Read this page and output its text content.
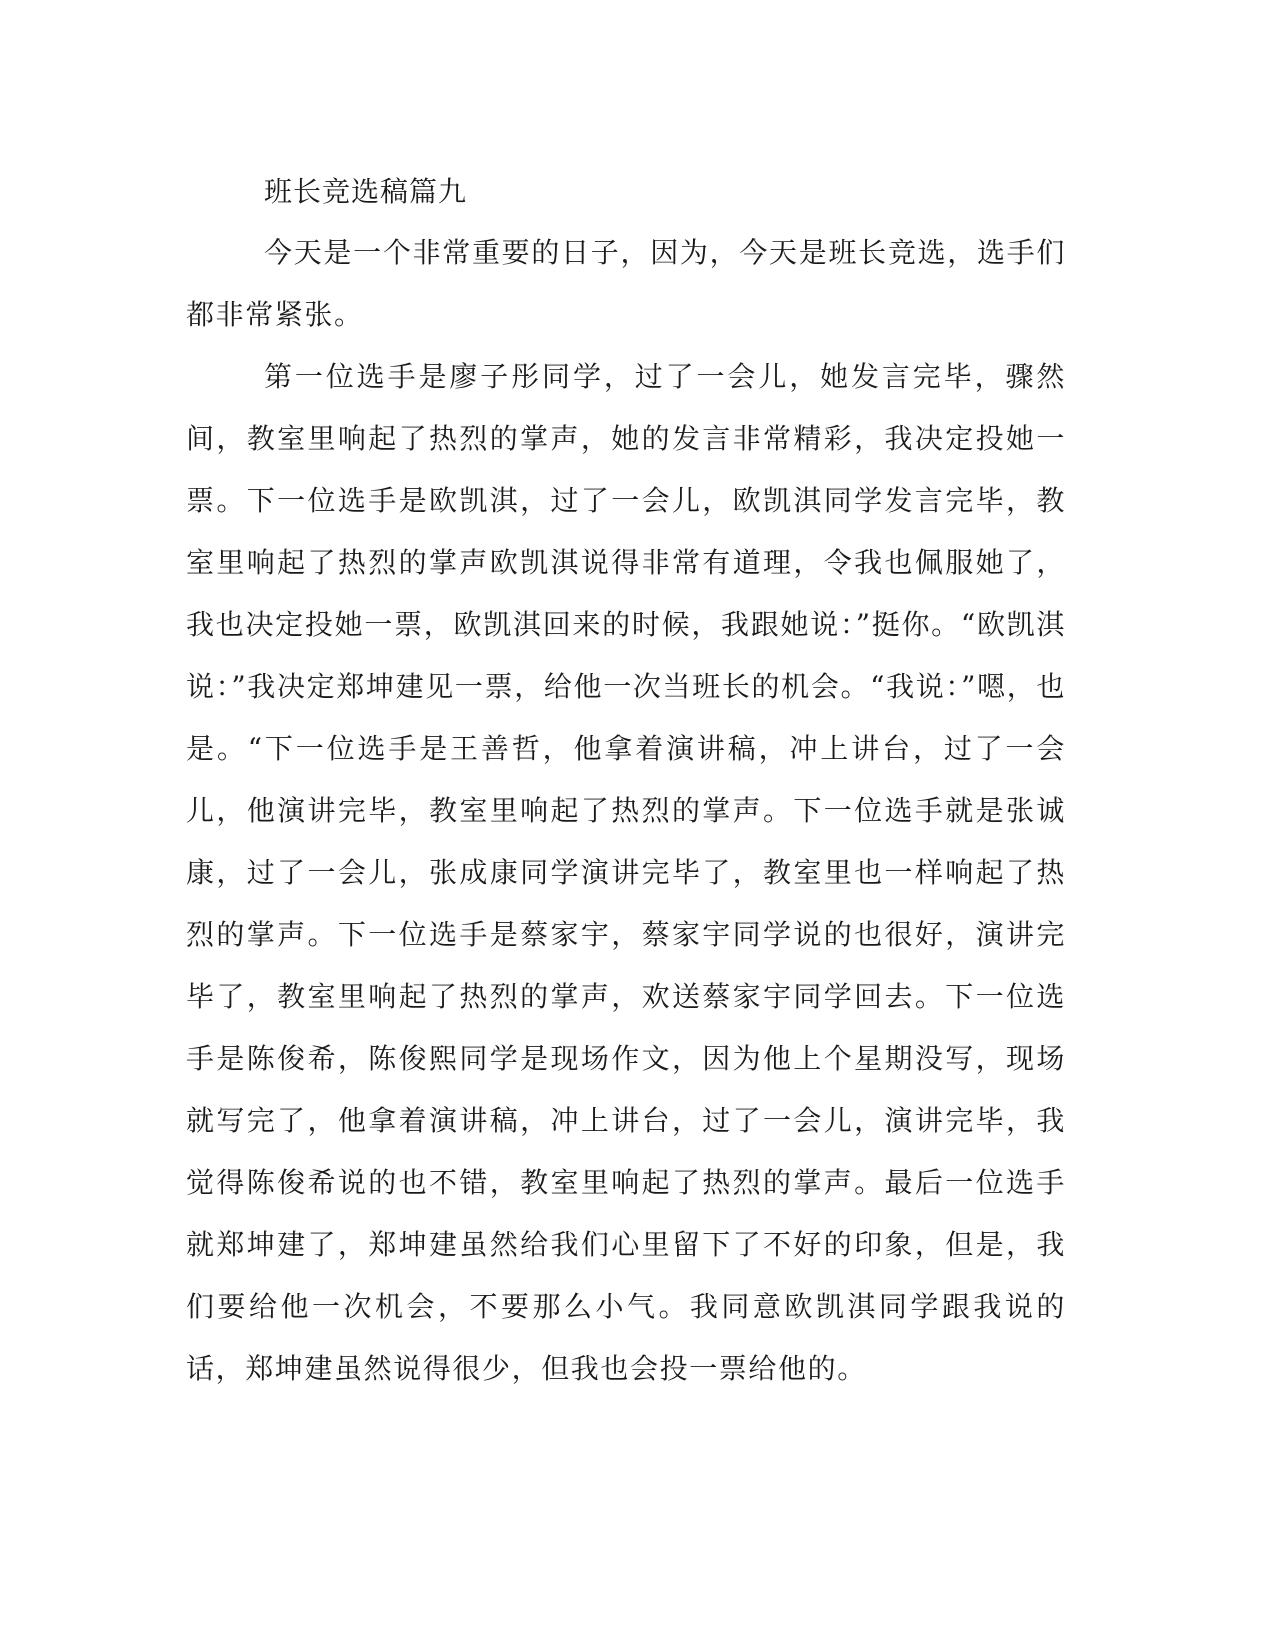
班长竞选稿篇九

今天是一个非常重要的日子，因为，今天是班长竞选，选手们都非常紧张。

第一位选手是廖子彤同学，过了一会儿，她发言完毕，骤然间，教室里响起了热烈的掌声，她的发言非常精彩，我决定投她一票。下一位选手是欧凯淇，过了一会儿，欧凯淇同学发言完毕，教室里响起了热烈的掌声欧凯淇说得非常有道理，令我也佩服她了，我也决定投她一票，欧凯淇回来的时候，我跟她说：”挺你。“欧凯淇说：”我决定郑坤建见一票，给他一次当班长的机会。“我说：”嗯，也是。“下一位选手是王善哲，他拿着演讲稿，冲上讲台，过了一会儿，他演讲完毕，教室里响起了热烈的掌声。下一位选手就是张诚康，过了一会儿，张成康同学演讲完毕了，教室里也一样响起了热烈的掌声。下一位选手是蔡家宇，蔡家宇同学说的也很好，演讲完毕了，教室里响起了热烈的掌声，欢送蔡家宇同学回去。下一位选手是陈俊希，陈俊熙同学是现场作文，因为他上个星期没写，现场就写完了，他拿着演讲稿，冲上讲台，过了一会儿，演讲完毕，我觉得陈俊希说的也不错，教室里响起了热烈的掌声。最后一位选手就郑坤建了，郑坤建虽然给我们心里留下了不好的印象，但是，我们要给他一次机会，不要那么小气。我同意欧凯淇同学跟我说的话，郑坤建虽然说得很少，但我也会投一票给他的。
